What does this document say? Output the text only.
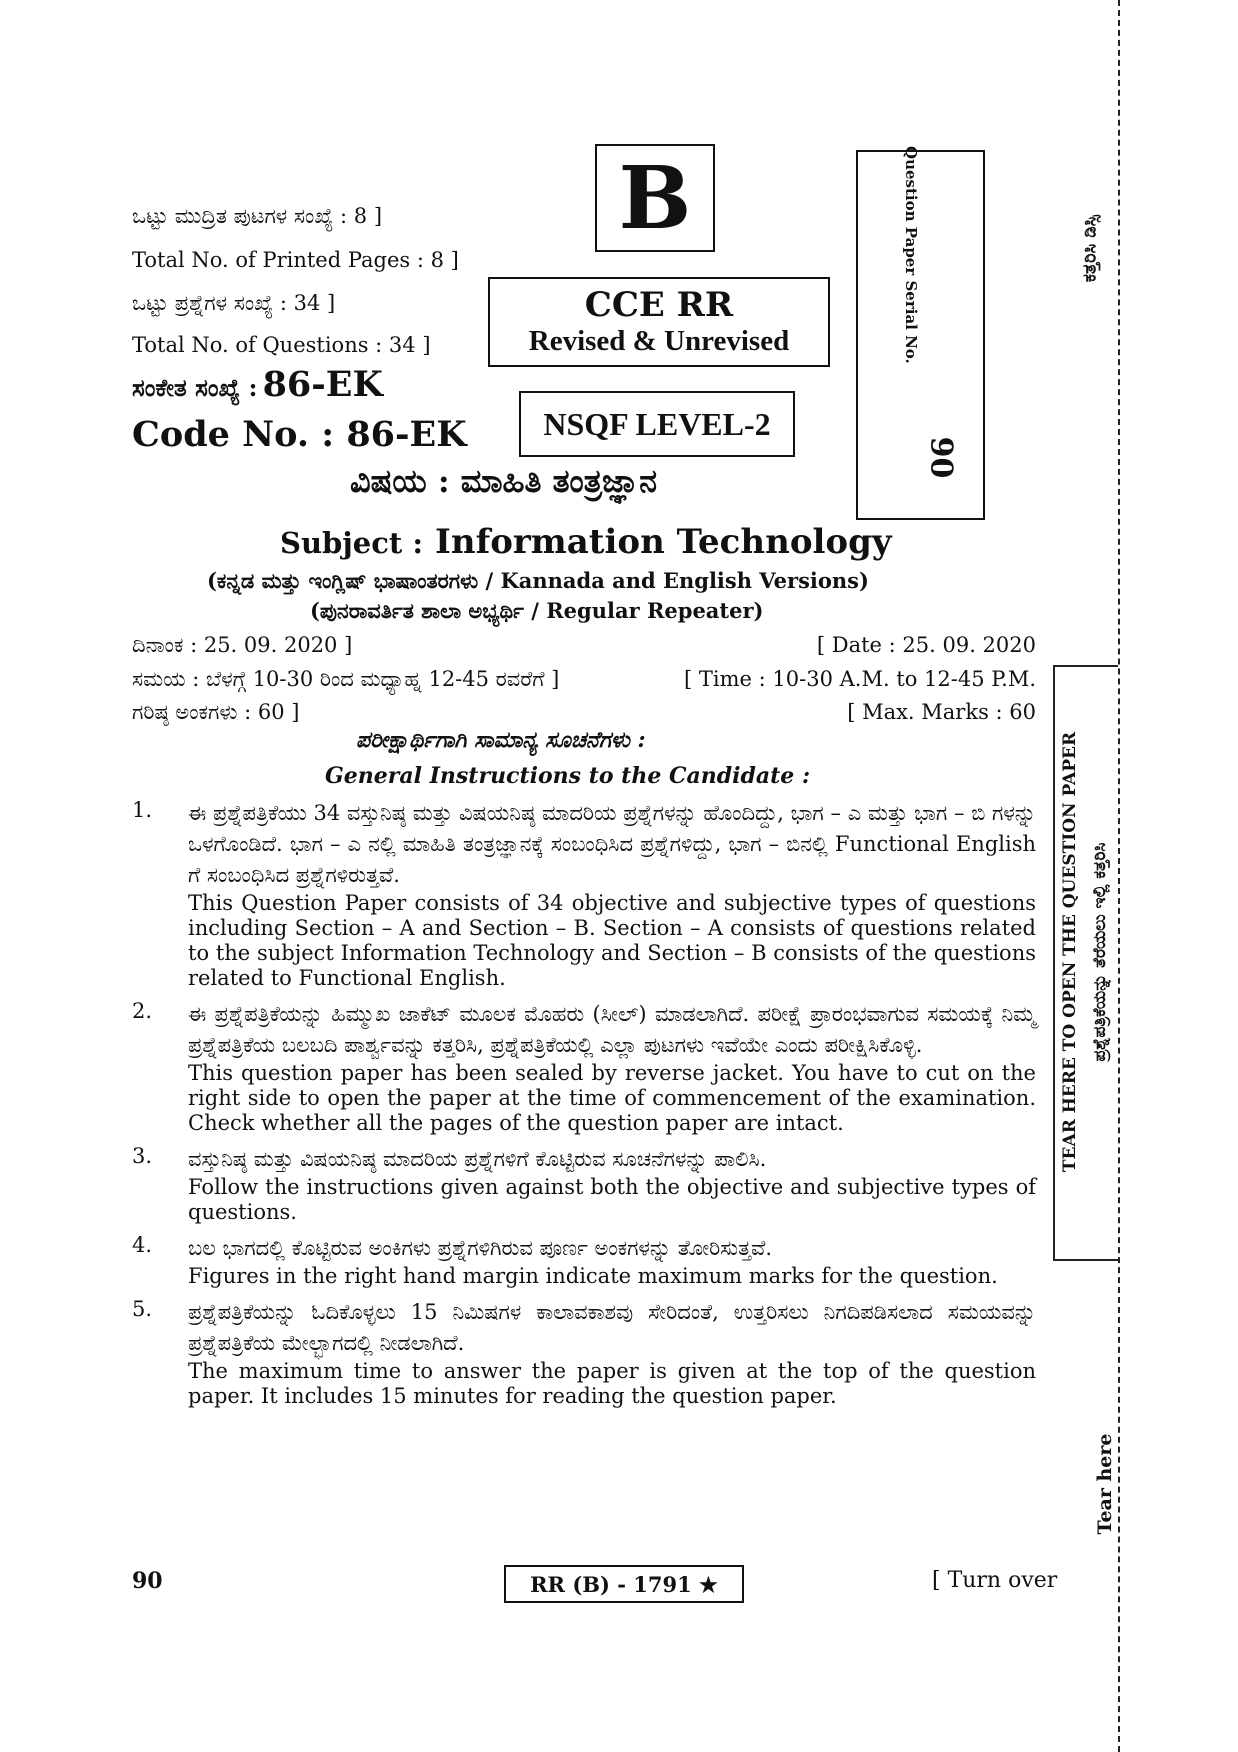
ಒಟ್ಟು ಮುದ್ರಿತ ಪುಟಗಳ ಸಂಖ್ಯೆ : 8 ]
Total No. of Printed Pages : 8 ]
ಒಟ್ಟು ಪ್ರಶ್ನೆಗಳ ಸಂಖ್ಯೆ : 34 ]
Total No. of Questions : 34 ]
ಸಂಕೇತ ಸಂಖ್ಯೆ : 86-EK
Code No. : 86-EK
B
CCE RR
Revised & Unrevised
NSQF LEVEL-2
Question Paper Serial No.
90
ಕತ್ತರಿಸಿ ಡಿಸ್ಸಿ
ವಿಷಯ : ಮಾಹಿತಿ ತಂತ್ರಜ್ಞಾನ
Subject : Information Technology
(ಕನ್ನಡ ಮತ್ತು ಇಂಗ್ಲಿಷ್ ಭಾಷಾಂತರಗಳು / Kannada and English Versions)
(ಪುನರಾವರ್ತಿತ ಶಾಲಾ ಅಭ್ಯರ್ಥಿ / Regular Repeater)
ದಿನಾಂಕ : 25. 09. 2020 ]	[ Date : 25. 09. 2020
ಸಮಯ : ಬೆಳಗ್ಗೆ 10-30 ರಿಂದ ಮಧ್ಯಾಹ್ನ 12-45 ರವರೆಗೆ ]	[ Time : 10-30 A.M. to 12-45 P.M.
ಗರಿಷ್ಠ ಅಂಕಗಳು : 60 ]	[ Max. Marks : 60
ಪರೀಕ್ಷಾರ್ಥಿಗಾಗಿ ಸಾಮಾನ್ಯ ಸೂಚನೆಗಳು :
General Instructions to the Candidate :
1.	ಈ ಪ್ರಶ್ನೆಪತ್ರಿಕೆಯು 34 ವಸ್ತುನಿಷ್ಠ ಮತ್ತು ವಿಷಯನಿಷ್ಠ ಮಾದರಿಯ ಪ್ರಶ್ನೆಗಳನ್ನು ಹೊಂದಿದ್ದು, ಭಾಗ – ಎ ಮತ್ತು ಭಾಗ – ಬಿ ಗಳನ್ನು ಒಳಗೊಂಡಿದೆ. ಭಾಗ – ಎ ನಲ್ಲಿ ಮಾಹಿತಿ ತಂತ್ರಜ್ಞಾನಕ್ಕೆ ಸಂಬಂಧಿಸಿದ ಪ್ರಶ್ನೆಗಳಿದ್ದು, ಭಾಗ – ಬಿನಲ್ಲಿ Functional English ಗೆ ಸಂಬಂಧಿಸಿದ ಪ್ರಶ್ನೆಗಳಿರುತ್ತವೆ.
This Question Paper consists of 34 objective and subjective types of questions including Section – A and Section – B. Section – A consists of questions related to the subject Information Technology and Section – B consists of the questions related to Functional English.
2.	ಈ ಪ್ರಶ್ನೆಪತ್ರಿಕೆಯನ್ನು ಹಿಮ್ಮುಖ ಜಾಕೆಟ್ ಮೂಲಕ ಮೊಹರು (ಸೀಲ್) ಮಾಡಲಾಗಿದೆ. ಪರೀಕ್ಷೆ ಪ್ರಾರಂಭವಾಗುವ ಸಮಯಕ್ಕೆ ನಿಮ್ಮ ಪ್ರಶ್ನೆಪತ್ರಿಕೆಯ ಬಲಬದಿ ಪಾರ್ಶ್ವವನ್ನು ಕತ್ತರಿಸಿ, ಪ್ರಶ್ನೆಪತ್ರಿಕೆಯಲ್ಲಿ ಎಲ್ಲಾ ಪುಟಗಳು ಇವೆಯೇ ಎಂದು ಪರೀಕ್ಷಿಸಿಕೊಳ್ಳಿ.
This question paper has been sealed by reverse jacket. You have to cut on the right side to open the paper at the time of commencement of the examination. Check whether all the pages of the question paper are intact.
3.	ವಸ್ತುನಿಷ್ಠ ಮತ್ತು ವಿಷಯನಿಷ್ಠ ಮಾದರಿಯ ಪ್ರಶ್ನೆಗಳಿಗೆ ಕೊಟ್ಟಿರುವ ಸೂಚನೆಗಳನ್ನು ಪಾಲಿಸಿ.
Follow the instructions given against both the objective and subjective types of questions.
4.	ಬಲ ಭಾಗದಲ್ಲಿ ಕೊಟ್ಟಿರುವ ಅಂಕಿಗಳು ಪ್ರಶ್ನೆಗಳಿಗಿರುವ ಪೂರ್ಣ ಅಂಕಗಳನ್ನು ತೋರಿಸುತ್ತವೆ.
Figures in the right hand margin indicate maximum marks for the question.
5.	ಪ್ರಶ್ನೆಪತ್ರಿಕೆಯನ್ನು ಓದಿಕೊಳ್ಳಲು 15 ನಿಮಿಷಗಳ ಕಾಲಾವಕಾಶವು ಸೇರಿದಂತೆ, ಉತ್ತರಿಸಲು ನಿಗದಿಪಡಿಸಲಾದ ಸಮಯವನ್ನು ಪ್ರಶ್ನೆಪತ್ರಿಕೆಯ ಮೇಲ್ಭಾಗದಲ್ಲಿ ನೀಡಲಾಗಿದೆ.
The maximum time to answer the paper is given at the top of the question paper. It includes 15 minutes for reading the question paper.
TEAR HERE TO OPEN THE QUESTION PAPER ಪ್ರಶ್ನೆಪತ್ರಿಕೆಯನ್ನು ತೆರೆಯಲು ಇಲ್ಲಿ ಕತ್ತರಿಸಿ
Tear here
90	RR (B) - 1791 ★	[ Turn over
